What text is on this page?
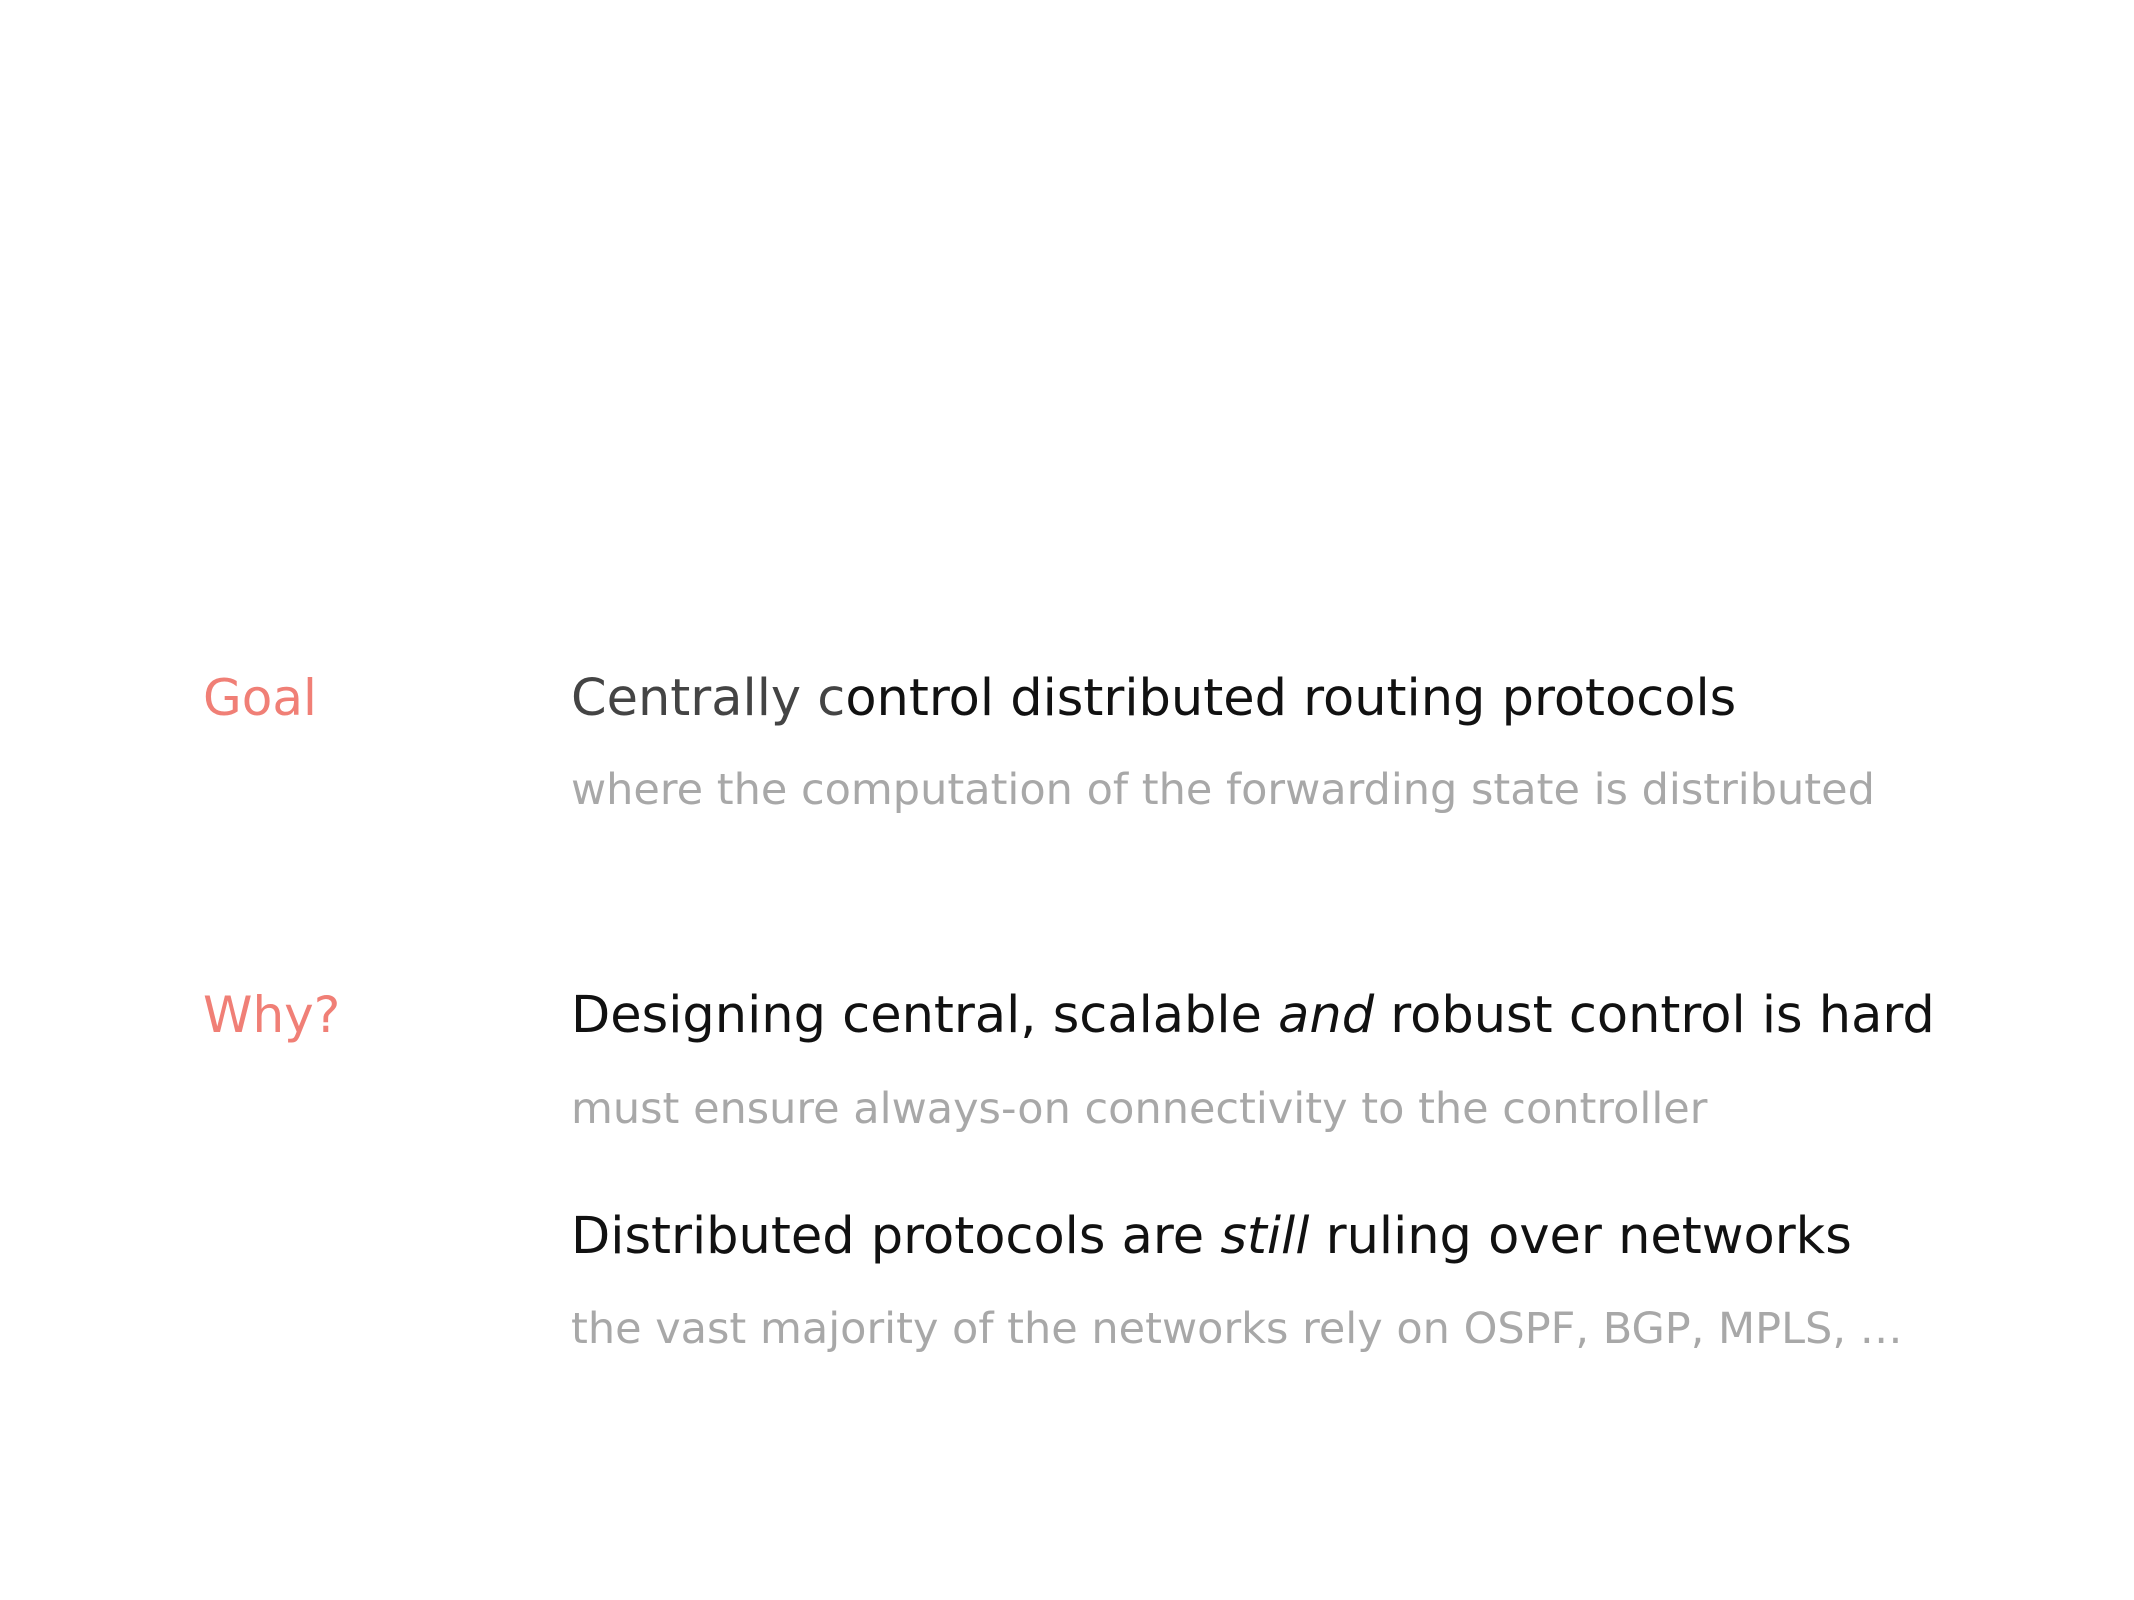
Goal	Centrally control distributed routing protocols
where the computation of the forwarding state is distributed
Why?	Designing central, scalable and robust control is hard
must ensure always-on connectivity to the controller
Distributed protocols are still ruling over networks
the vast majority of the networks rely on OSPF, BGP, MPLS, …
